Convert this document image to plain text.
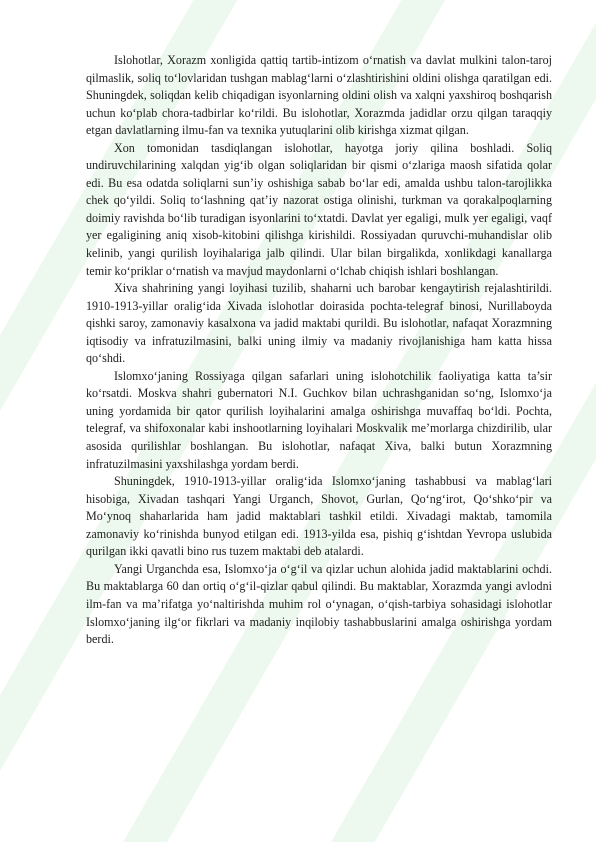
Islohotlar, Xorazm xonligida qattiq tartib-intizom o‘rnatish va davlat mulkini talon-taroj qilmaslik, soliq to‘lovlaridan tushgan mablag‘larni o‘zlashtirishini oldini olishga qaratilgan edi. Shuningdek, soliqdan kelib chiqadigan isyonlarning oldini olish va xalqni yaxshiroq boshqarish uchun ko‘plab chora-tadbirlar ko‘rildi. Bu islohotlar, Xorazmda jadidlar orzu qilgan taraqqiy etgan davlatlarning ilmu-fan va texnika yutuqlarini olib kirishga xizmat qilgan.

Xon tomonidan tasdiqlangan islohotlar, hayotga joriy qilina boshladi. Soliq undiruvchilarining xalqdan yig‘ib olgan soliqlaridan bir qismi o‘zlariga maosh sifatida qolar edi. Bu esa odatda soliqlarni sun’iy oshishiga sabab bo‘lar edi, amalda ushbu talon-tarojlikka chek qo‘yildi. Soliq to‘lashning qat’iy nazorat ostiga olinishi, turkman va qorakalpoqlarning doimiy ravishda bo‘lib turadigan isyonlarini to‘xtatdi. Davlat yer egaligi, mulk yer egaligi, vaqf yer egaligining aniq xisob-kitobini qilishga kirishildi. Rossiyadan quruvchi-muhandislar olib kelinib, yangi qurilish loyihalariga jalb qilindi. Ular bilan birgalikda, xonlikdagi kanallarga temir ko‘priklar o‘rnatish va mavjud maydonlarni o‘lchab chiqish ishlari boshlangan.

Xiva shahrining yangi loyihasi tuzilib, shaharni uch barobar kengaytirish rejalashtirildi. 1910-1913-yillar oralig‘ida Xivada islohotlar doirasida pochta-telegraf binosi, Nurillaboyda qishki saroy, zamonaviy kasalxona va jadid maktabi qurildi. Bu islohotlar, nafaqat Xorazmning iqtisodiy va infratuzilmasini, balki uning ilmiy va madaniy rivojlanishiga ham katta hissa qo‘shdi.

Islomxo‘janing Rossiyaga qilgan safarlari uning islohotchilik faoliyatiga katta ta’sir ko‘rsatdi. Moskva shahri gubernatori N.I. Guchkov bilan uchrashganidan so‘ng, Islomxo‘ja uning yordamida bir qator qurilish loyihalarini amalga oshirishga muvaffaq bo‘ldi. Pochta, telegraf, va shifoxonalar kabi inshootlarning loyihalari Moskvalik me’morlarga chizdirilib, ular asosida qurilishlar boshlangan. Bu islohotlar, nafaqat Xiva, balki butun Xorazmning infratuzilmasini yaxshilashga yordam berdi.

Shuningdek, 1910-1913-yillar oralig‘ida Islomxo‘janing tashabbusi va mablag‘lari hisobiga, Xivadan tashqari Yangi Urganch, Shovot, Gurlan, Qo‘ng‘irot, Qo‘shko‘pir va Mo‘ynoq shaharlarida ham jadid maktablari tashkil etildi. Xivadagi maktab, tamomila zamonaviy ko‘rinishda bunyod etilgan edi. 1913-yilda esa, pishiq g‘ishtdan Yevropa uslubida qurilgan ikki qavatli bino rus tuzem maktabi deb atalardi.

Yangi Urganchda esa, Islomxo‘ja o‘g‘il va qizlar uchun alohida jadid maktablarini ochdi. Bu maktablarga 60 dan ortiq o‘g‘il-qizlar qabul qilindi. Bu maktablar, Xorazmda yangi avlodni ilm-fan va ma’rifatga yo‘naltirishda muhim rol o‘ynagan, o‘qish-tarbiya sohasidagi islohotlar Islomxo‘janing ilg‘or fikrlari va madaniy inqilobiy tashabbuslarini amalga oshirishga yordam berdi.
